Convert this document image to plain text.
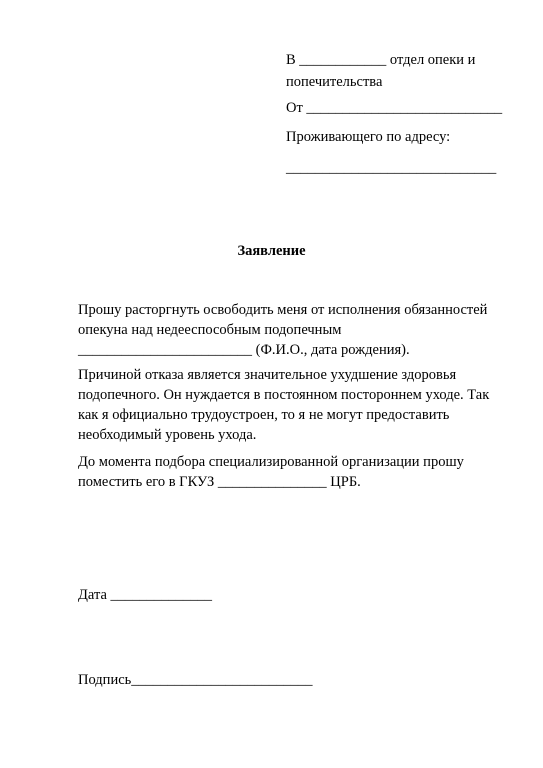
В ____________ отдел опеки и
попечительства
От ___________________________
Проживающего по адресу:
_____________________________
Заявление
Прошу расторгнуть освободить меня от исполнения обязанностей
опекуна над недееспособным подопечным
________________________ (Ф.И.О., дата рождения).
Причиной отказа является значительное ухудшение здоровья
подопечного. Он нуждается в постоянном постороннем уходе. Так
как я официально трудоустроен, то я не могут предоставить
необходимый уровень ухода.
До момента подбора специализированной организации прошу
поместить его в ГКУЗ _______________ ЦРБ.
Дата ______________
Подпись_________________________
